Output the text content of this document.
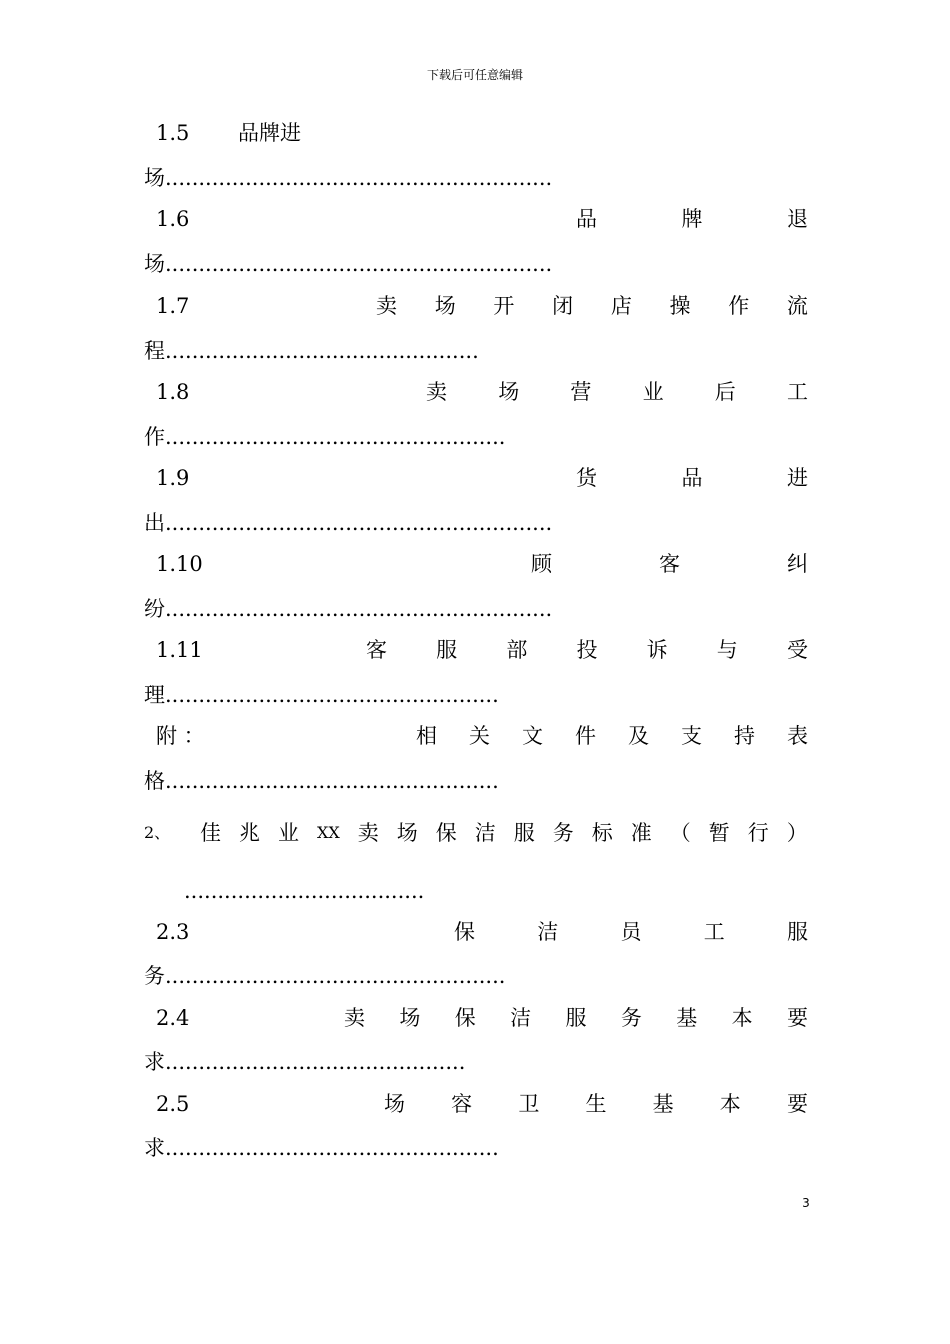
下载后可任意编辑
1.5	品牌进
场..........................................................
1.6	品	牌	退
场..........................................................
1.7	卖 场 开 闭 店 操 作 流
程...............................................
1.8	卖 场 营 业 后 工
作...................................................
1.9	货	品	进
出..........................................................
1.10	顾	客	纠
纷..........................................................
1.11	客 服 部 投 诉 与 受
理..................................................
附 ：	相 关 文 件 及 支 持 表
格..................................................
2、	佳 兆 业 XX 卖 场 保 洁 服 务 标 准 （ 暂 行 ）
....................................
2.3	保	洁	员	工	服
务...................................................
2.4	卖 场 保 洁 服 务 基 本 要
求.............................................
2.5	场 容 卫 生 基 本 要
求..................................................
3
